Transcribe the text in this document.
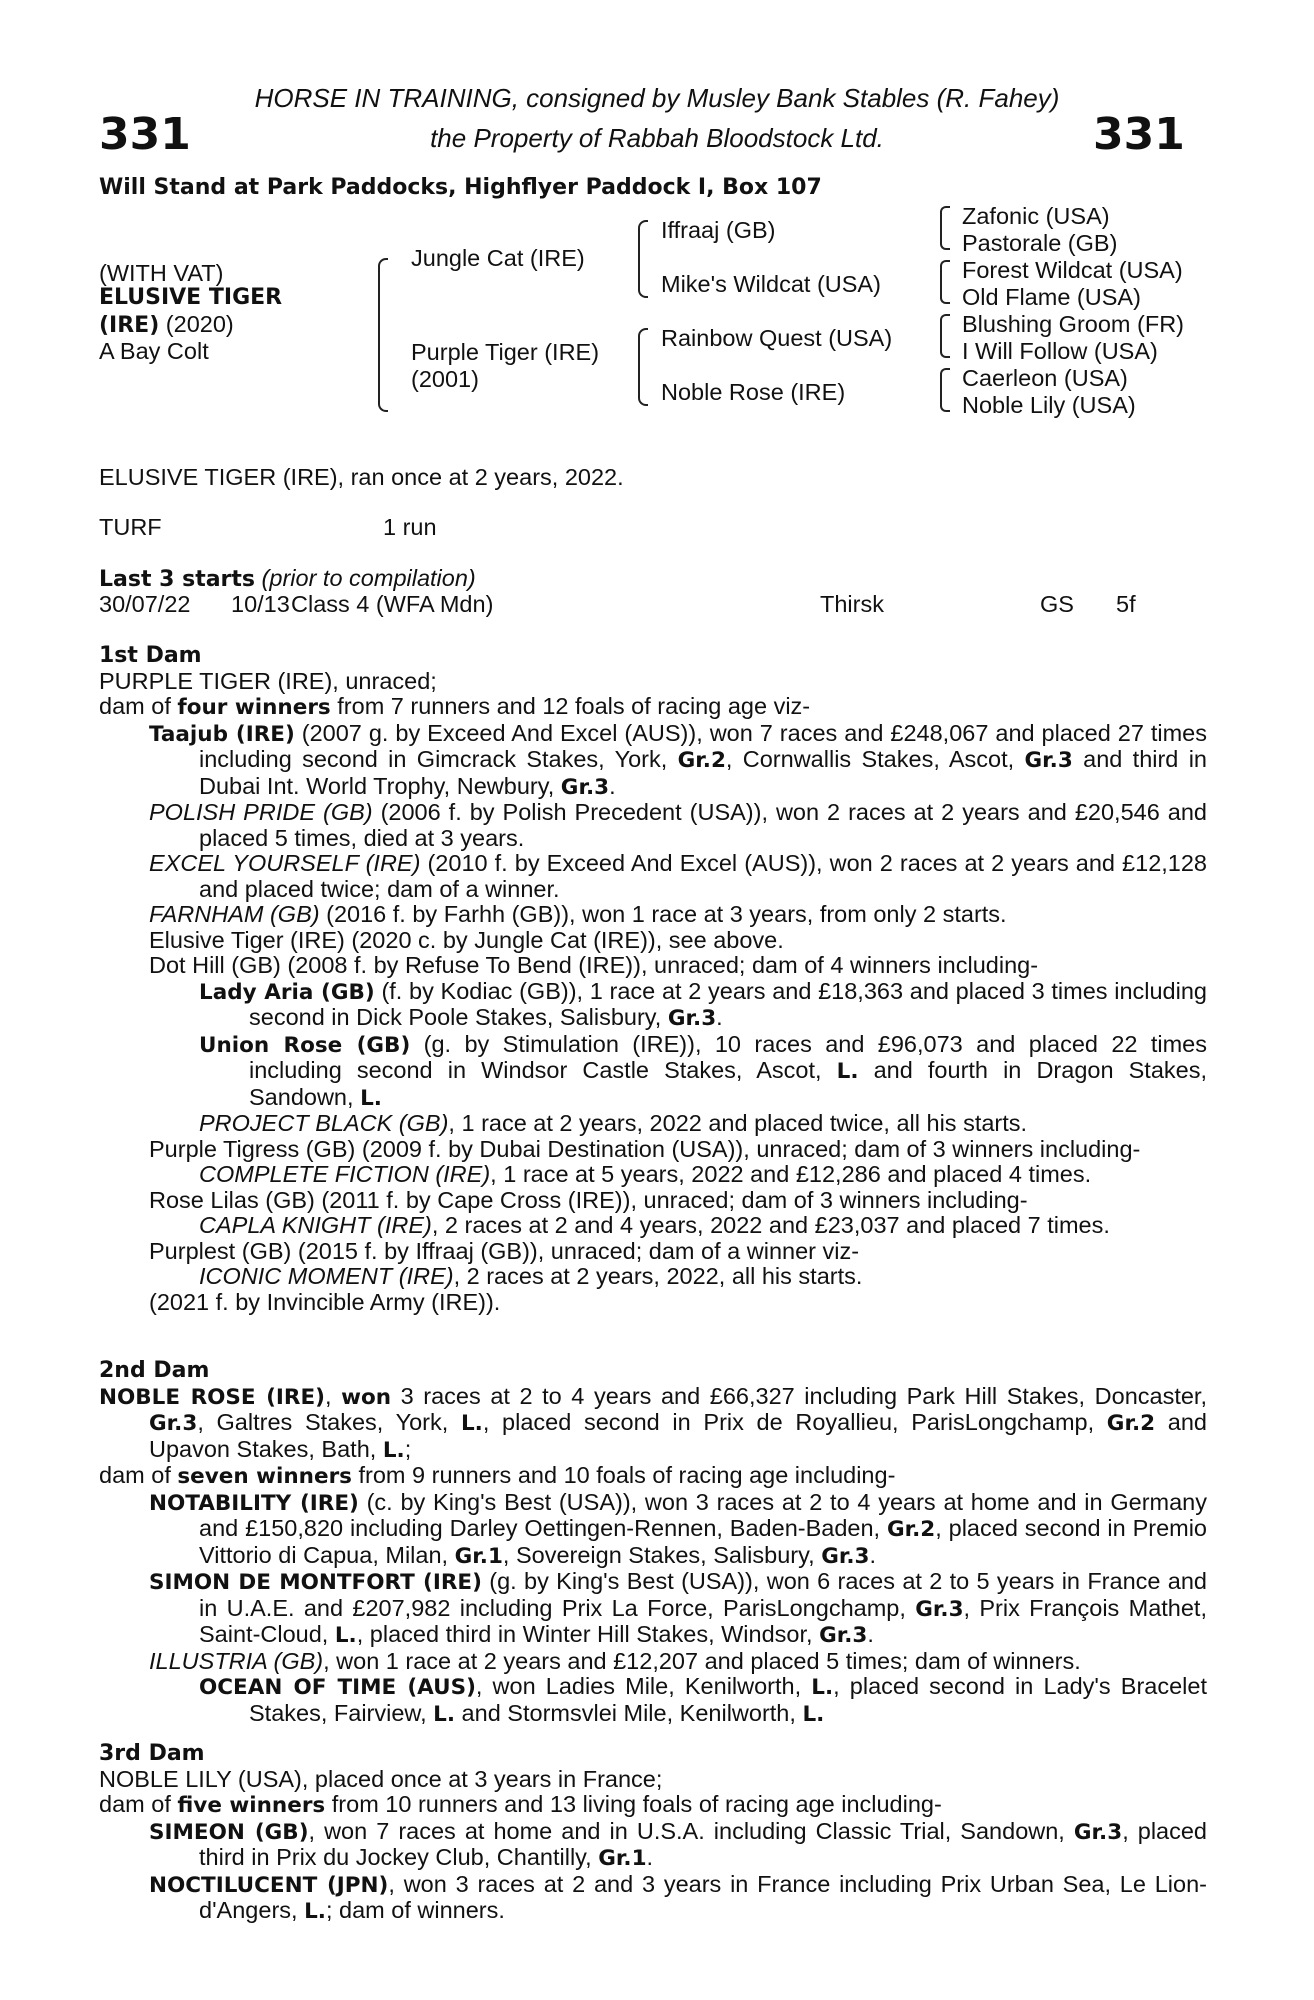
331	331
HORSE IN TRAINING, consigned by Musley Bank Stables (R. Fahey)
the Property of Rabbah Bloodstock Ltd.
Will Stand at Park Paddocks, Highflyer Paddock I, Box 107
(WITH VAT)
ELUSIVE TIGER
(IRE) (2020)
A Bay Colt
Jungle Cat (IRE)
Purple Tiger (IRE)
(2001)
Iffraaj (GB)
Mike's Wildcat (USA)
Rainbow Quest (USA)
Noble Rose (IRE)
Zafonic (USA)
Pastorale (GB)
Forest Wildcat (USA)
Old Flame (USA)
Blushing Groom (FR)
I Will Follow (USA)
Caerleon (USA)
Noble Lily (USA)
ELUSIVE TIGER (IRE), ran once at 2 years, 2022.
TURF	1 run
Last 3 starts (prior to compilation)
30/07/22 10/13 Class 4 (WFA Mdn)	Thirsk	GS 5f
1st Dam
PURPLE TIGER (IRE), unraced;
dam of four winners from 7 runners and 12 foals of racing age viz-
Taajub (IRE) (2007 g. by Exceed And Excel (AUS)), won 7 races and £248,067 and placed 27 times including second in Gimcrack Stakes, York, Gr.2, Cornwallis Stakes, Ascot, Gr.3 and third in Dubai Int. World Trophy, Newbury, Gr.3.
POLISH PRIDE (GB) (2006 f. by Polish Precedent (USA)), won 2 races at 2 years and £20,546 and placed 5 times, died at 3 years.
EXCEL YOURSELF (IRE) (2010 f. by Exceed And Excel (AUS)), won 2 races at 2 years and £12,128 and placed twice; dam of a winner.
FARNHAM (GB) (2016 f. by Farhh (GB)), won 1 race at 3 years, from only 2 starts.
Elusive Tiger (IRE) (2020 c. by Jungle Cat (IRE)), see above.
Dot Hill (GB) (2008 f. by Refuse To Bend (IRE)), unraced; dam of 4 winners including-
Lady Aria (GB) (f. by Kodiac (GB)), 1 race at 2 years and £18,363 and placed 3 times including second in Dick Poole Stakes, Salisbury, Gr.3.
Union Rose (GB) (g. by Stimulation (IRE)), 10 races and £96,073 and placed 22 times including second in Windsor Castle Stakes, Ascot, L. and fourth in Dragon Stakes, Sandown, L.
PROJECT BLACK (GB), 1 race at 2 years, 2022 and placed twice, all his starts.
Purple Tigress (GB) (2009 f. by Dubai Destination (USA)), unraced; dam of 3 winners including-
COMPLETE FICTION (IRE), 1 race at 5 years, 2022 and £12,286 and placed 4 times.
Rose Lilas (GB) (2011 f. by Cape Cross (IRE)), unraced; dam of 3 winners including-
CAPLA KNIGHT (IRE), 2 races at 2 and 4 years, 2022 and £23,037 and placed 7 times.
Purplest (GB) (2015 f. by Iffraaj (GB)), unraced; dam of a winner viz-
ICONIC MOMENT (IRE), 2 races at 2 years, 2022, all his starts.
(2021 f. by Invincible Army (IRE)).
2nd Dam
NOBLE ROSE (IRE), won 3 races at 2 to 4 years and £66,327 including Park Hill Stakes, Doncaster, Gr.3, Galtres Stakes, York, L., placed second in Prix de Royallieu, ParisLongchamp, Gr.2 and Upavon Stakes, Bath, L.;
dam of seven winners from 9 runners and 10 foals of racing age including-
NOTABILITY (IRE) (c. by King's Best (USA)), won 3 races at 2 to 4 years at home and in Germany and £150,820 including Darley Oettingen-Rennen, Baden-Baden, Gr.2, placed second in Premio Vittorio di Capua, Milan, Gr.1, Sovereign Stakes, Salisbury, Gr.3.
SIMON DE MONTFORT (IRE) (g. by King's Best (USA)), won 6 races at 2 to 5 years in France and in U.A.E. and £207,982 including Prix La Force, ParisLongchamp, Gr.3, Prix François Mathet, Saint-Cloud, L., placed third in Winter Hill Stakes, Windsor, Gr.3.
ILLUSTRIA (GB), won 1 race at 2 years and £12,207 and placed 5 times; dam of winners.
OCEAN OF TIME (AUS), won Ladies Mile, Kenilworth, L., placed second in Lady's Bracelet Stakes, Fairview, L. and Stormsvlei Mile, Kenilworth, L.
3rd Dam
NOBLE LILY (USA), placed once at 3 years in France;
dam of five winners from 10 runners and 13 living foals of racing age including-
SIMEON (GB), won 7 races at home and in U.S.A. including Classic Trial, Sandown, Gr.3, placed third in Prix du Jockey Club, Chantilly, Gr.1.
NOCTILUCENT (JPN), won 3 races at 2 and 3 years in France including Prix Urban Sea, Le Lion-d'Angers, L.; dam of winners.
